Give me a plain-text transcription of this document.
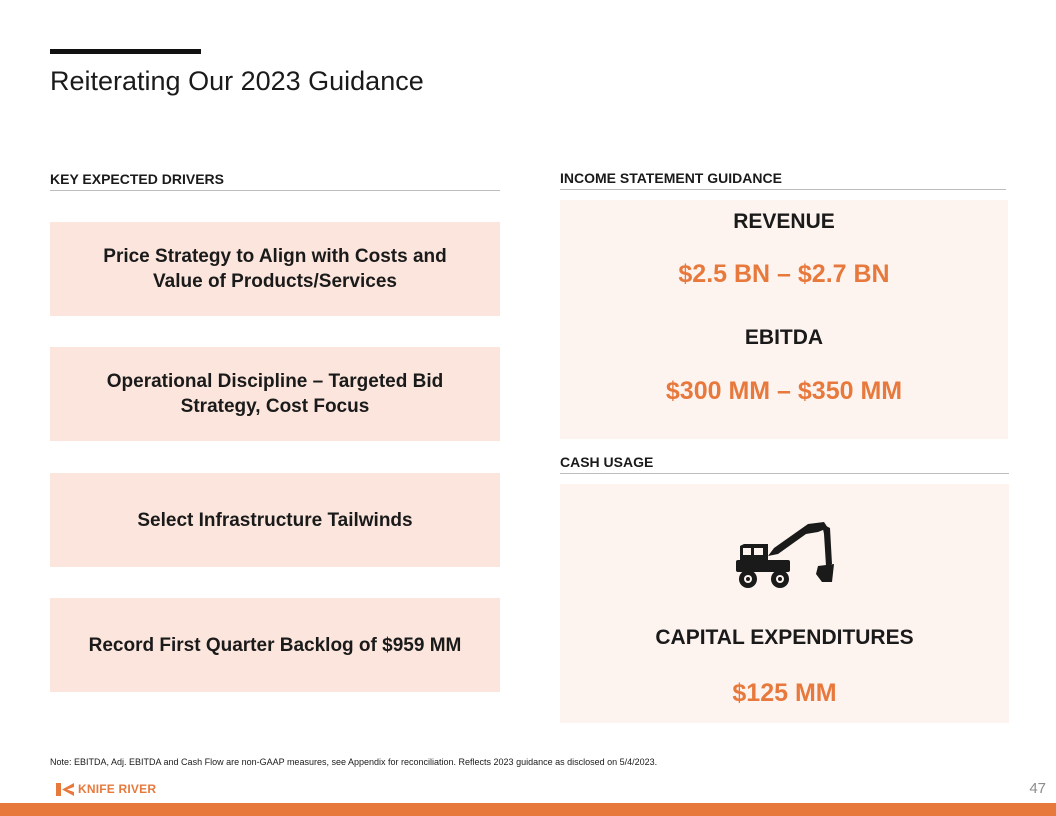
Reiterating Our 2023 Guidance
KEY EXPECTED DRIVERS	INCOME STATEMENT GUIDANCE
CASH USAGE
Price Strategy to Align with Costs and Value of Products/Services
Operational Discipline – Targeted Bid Strategy, Cost Focus
Select Infrastructure Tailwinds
Record First Quarter Backlog of $959 MM
REVENUE
$2.5 BN – $2.7 BN
EBITDA
$300 MM – $350 MM
CAPITAL EXPENDITURES
$125 MM
Note: EBITDA, Adj. EBITDA and Cash Flow are non-GAAP measures, see Appendix for reconciliation. Reflects 2023 guidance as disclosed on 5/4/2023.
KNIFE RIVER	47
